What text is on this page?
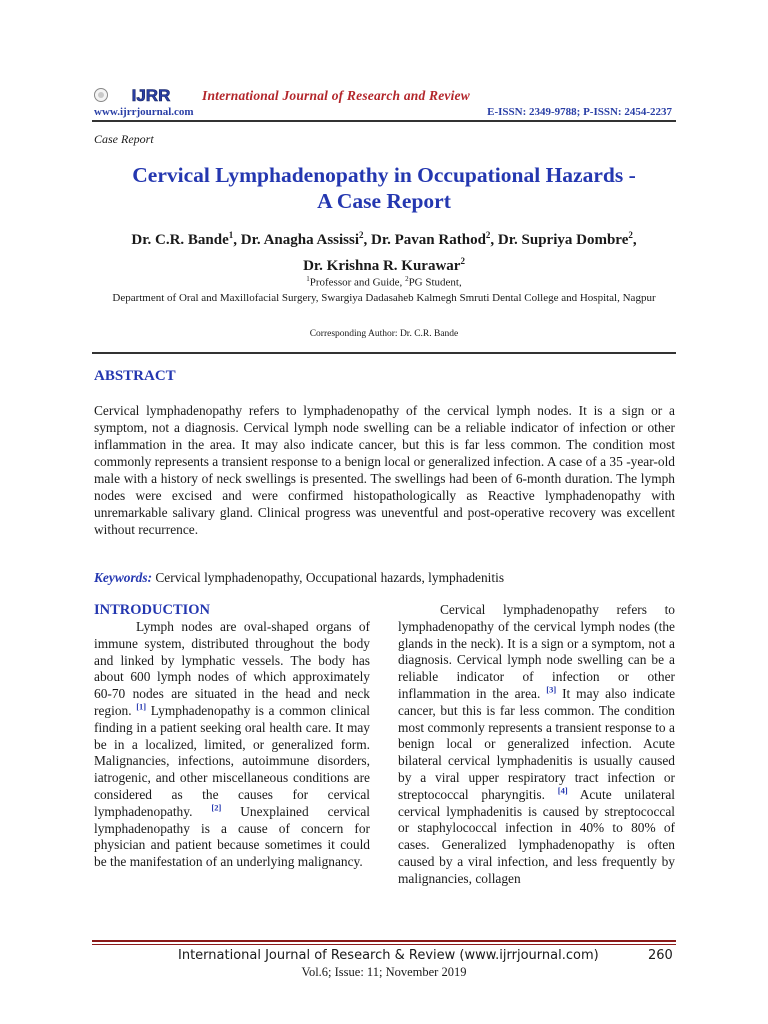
IJRR International Journal of Research and Review
www.ijrrjournal.com	E-ISSN: 2349-9788; P-ISSN: 2454-2237
Case Report
Cervical Lymphadenopathy in Occupational Hazards -
A Case Report
Dr. C.R. Bande$^1$, Dr. Anagha Assissi$^2$, Dr. Pavan Rathod$^2$, Dr. Supriya Dombre$^2$,
Dr. Krishna R. Kurawar$^2$
$^1$Professor and Guide, $^2$PG Student,
Department of Oral and Maxillofacial Surgery, Swargiya Dadasaheb Kalmegh Smruti Dental College and Hospital, Nagpur
Corresponding Author: Dr. C.R. Bande
ABSTRACT
Cervical lymphadenopathy refers to lymphadenopathy of the cervical lymph nodes. It is a sign or a symptom, not a diagnosis. Cervical lymph node swelling can be a reliable indicator of infection or other inflammation in the area. It may also indicate cancer, but this is far less common. The condition most commonly represents a transient response to a benign local or generalized infection. A case of a 35 -year-old male with a history of neck swellings is presented. The swellings had been of 6-month duration. The lymph nodes were excised and were confirmed histopathologically as Reactive lymphadenopathy with unremarkable salivary gland. Clinical progress was uneventful and post-operative recovery was excellent without recurrence.
Keywords: Cervical lymphadenopathy, Occupational hazards, lymphadenitis
INTRODUCTION
Lymph nodes are oval-shaped organs of immune system, distributed throughout the body and linked by lymphatic vessels. The body has about 600 lymph nodes of which approximately 60-70 nodes are situated in the head and neck region. [1] Lymphadenopathy is a common clinical finding in a patient seeking oral health care. It may be in a localized, limited, or generalized form. Malignancies, infections, autoimmune disorders, iatrogenic, and other miscellaneous conditions are considered as the causes for cervical lymphadenopathy. [2] Unexplained cervical lymphadenopathy is a cause of concern for physician and patient because sometimes it could be the manifestation of an underlying malignancy.
Cervical lymphadenopathy refers to lymphadenopathy of the cervical lymph nodes (the glands in the neck). It is a sign or a symptom, not a diagnosis. Cervical lymph node swelling can be a reliable indicator of infection or other inflammation in the area. [3] It may also indicate cancer, but this is far less common. The condition most commonly represents a transient response to a benign local or generalized infection. Acute bilateral cervical lymphadenitis is usually caused by a viral upper respiratory tract infection or streptococcal pharyngitis. [4] Acute unilateral cervical lymphadenitis is caused by streptococcal or staphylococcal infection in 40% to 80% of cases. Generalized lymphadenopathy is often caused by a viral infection, and less frequently by malignancies, collagen
International Journal of Research & Review (www.ijrrjournal.com)	260
Vol.6; Issue: 11; November 2019
